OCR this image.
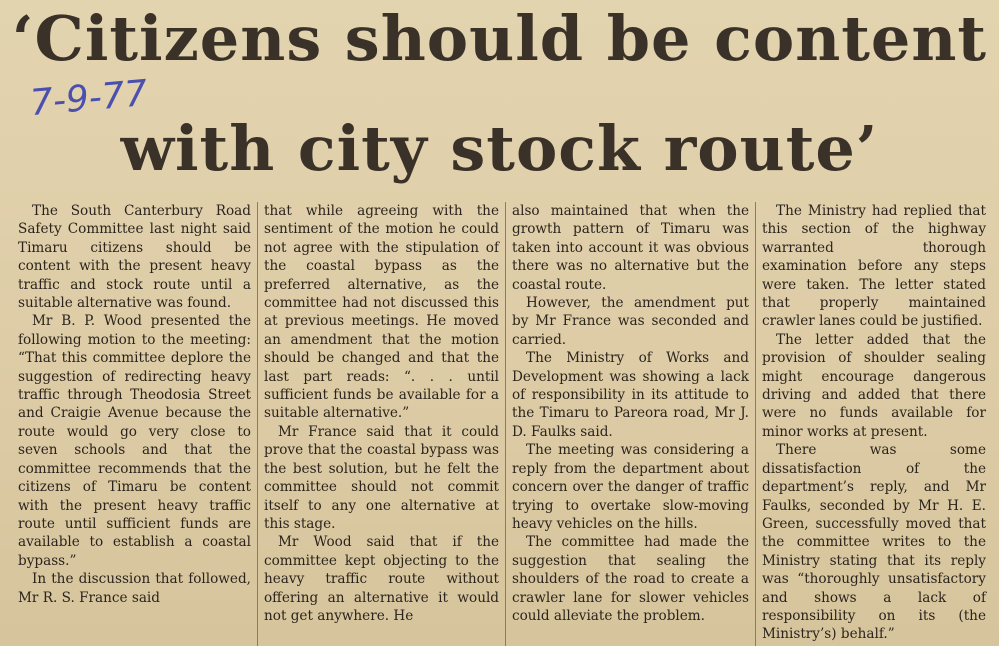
‘Citizens should be content
with city stock route’
7-9-77

The South Canterbury Road Safety Committee last night said Timaru citizens should be content with the present heavy traffic and stock route until a suitable alternative was found.

Mr B. P. Wood presented the following motion to the meeting: “That this committee deplore the suggestion of redirecting heavy traffic through Theodosia Street and Craigie Avenue because the route would go very close to seven schools and that the committee recommends that the citizens of Timaru be content with the present heavy traffic route until sufficient funds are available to establish a coastal bypass.”

In the discussion that followed, Mr R. S. France said

that while agreeing with the sentiment of the motion he could not agree with the stipulation of the coastal bypass as the preferred alternative, as the committee had not discussed this at previous meetings. He moved an amendment that the motion should be changed and that the last part reads: “. . . until sufficient funds be available for a suitable alternative.”

Mr France said that it could prove that the coastal bypass was the best solution, but he felt the committee should not commit itself to any one alternative at this stage.

Mr Wood said that if the committee kept objecting to the heavy traffic route without offering an alternative it would not get anywhere. He

also maintained that when the growth pattern of Timaru was taken into account it was obvious there was no alternative but the coastal route.

However, the amendment put by Mr France was seconded and carried.

The Ministry of Works and Development was showing a lack of responsibility in its attitude to the Timaru to Pareora road, Mr J. D. Faulks said.

The meeting was considering a reply from the department about concern over the danger of traffic trying to overtake slow-moving heavy vehicles on the hills.

The committee had made the suggestion that sealing the shoulders of the road to create a crawler lane for slower vehicles could alleviate the problem.

The Ministry had replied that this section of the highway warranted thorough examination before any steps were taken. The letter stated that properly maintained crawler lanes could be justified.

The letter added that the provision of shoulder sealing might encourage dangerous driving and added that there were no funds available for minor works at present.

There was some dissatisfaction of the department’s reply, and Mr Faulks, seconded by Mr H. E. Green, successfully moved that the committee writes to the Ministry stating that its reply was “thoroughly unsatisfactory and shows a lack of responsibility on its (the Ministry’s) behalf.”
